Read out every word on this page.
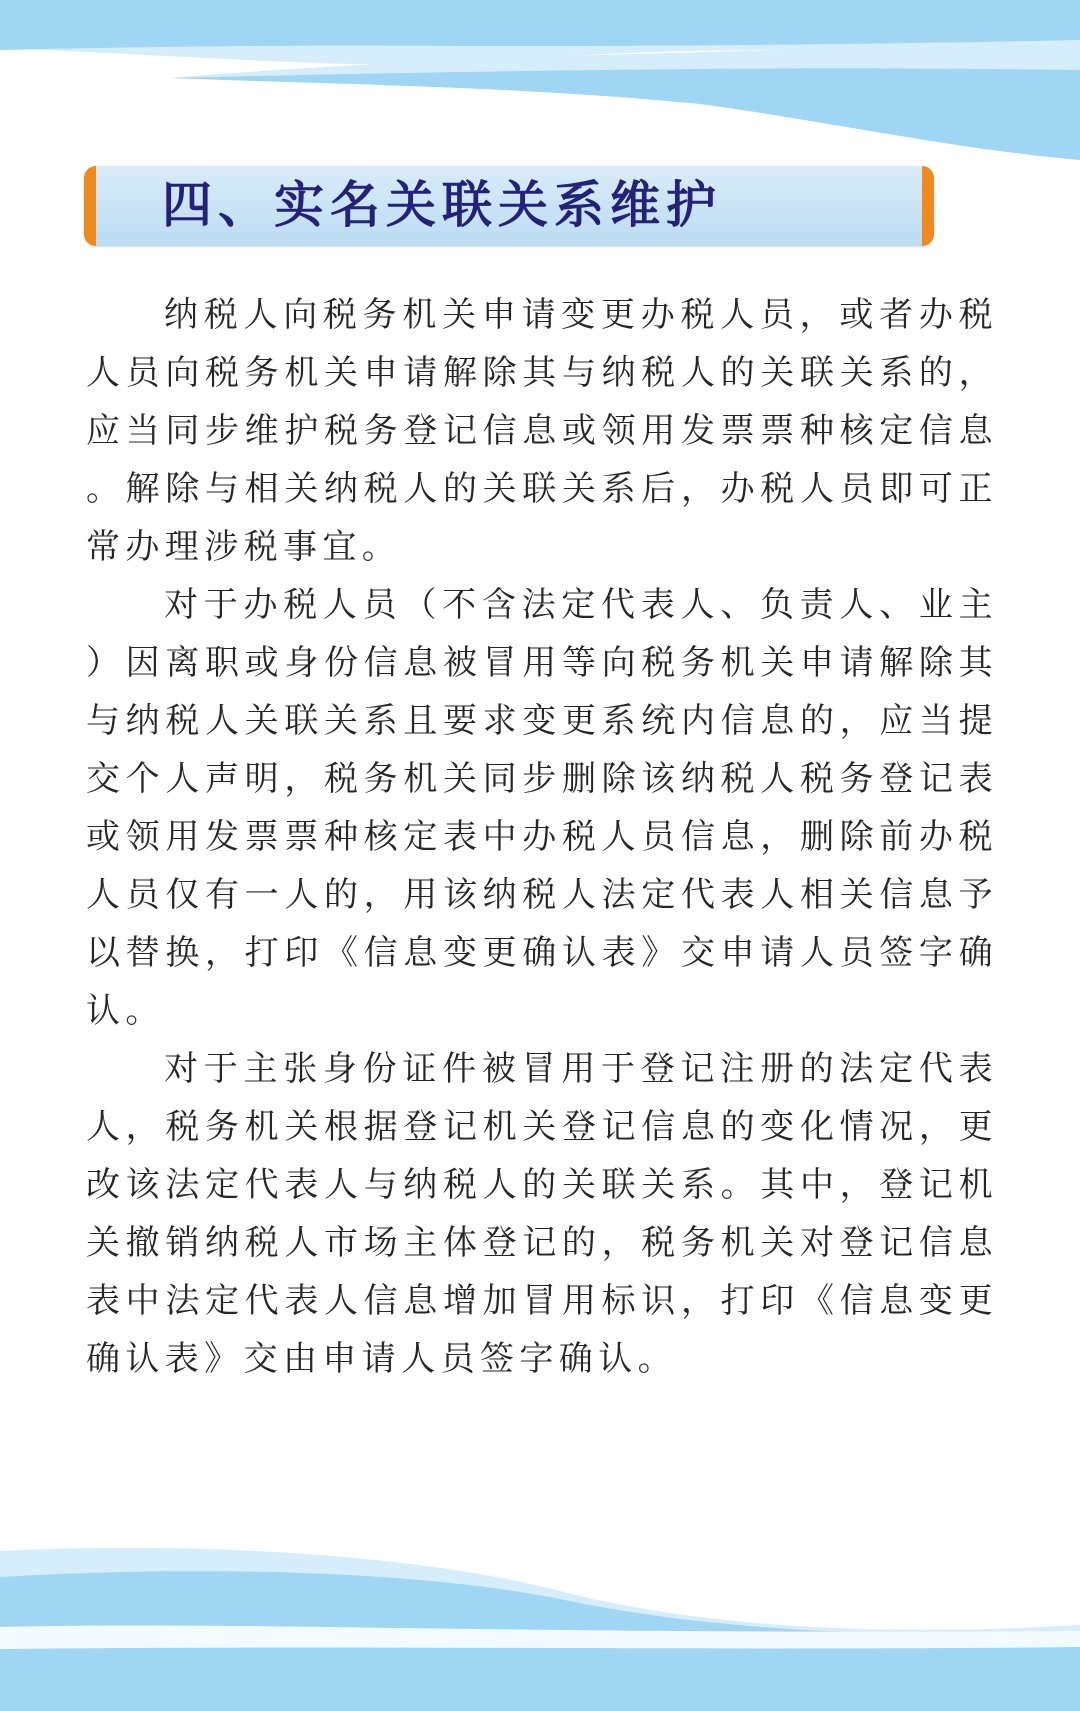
四、实名关联关系维护

纳税人向税务机关申请变更办税人员，或者办税人员向税务机关申请解除其与纳税人的关联关系的，应当同步维护税务登记信息或领用发票票种核定信息。解除与相关纳税人的关联关系后，办税人员即可正常办理涉税事宜。

对于办税人员（不含法定代表人、负责人、业主）因离职或身份信息被冒用等向税务机关申请解除其与纳税人关联关系且要求变更系统内信息的，应当提交个人声明，税务机关同步删除该纳税人税务登记表或领用发票票种核定表中办税人员信息，删除前办税人员仅有一人的，用该纳税人法定代表人相关信息予以替换，打印《信息变更确认表》交申请人员签字确认。

对于主张身份证件被冒用于登记注册的法定代表人，税务机关根据登记机关登记信息的变化情况，更改该法定代表人与纳税人的关联关系。其中，登记机关撤销纳税人市场主体登记的，税务机关对登记信息表中法定代表人信息增加冒用标识，打印《信息变更确认表》交由申请人员签字确认。
